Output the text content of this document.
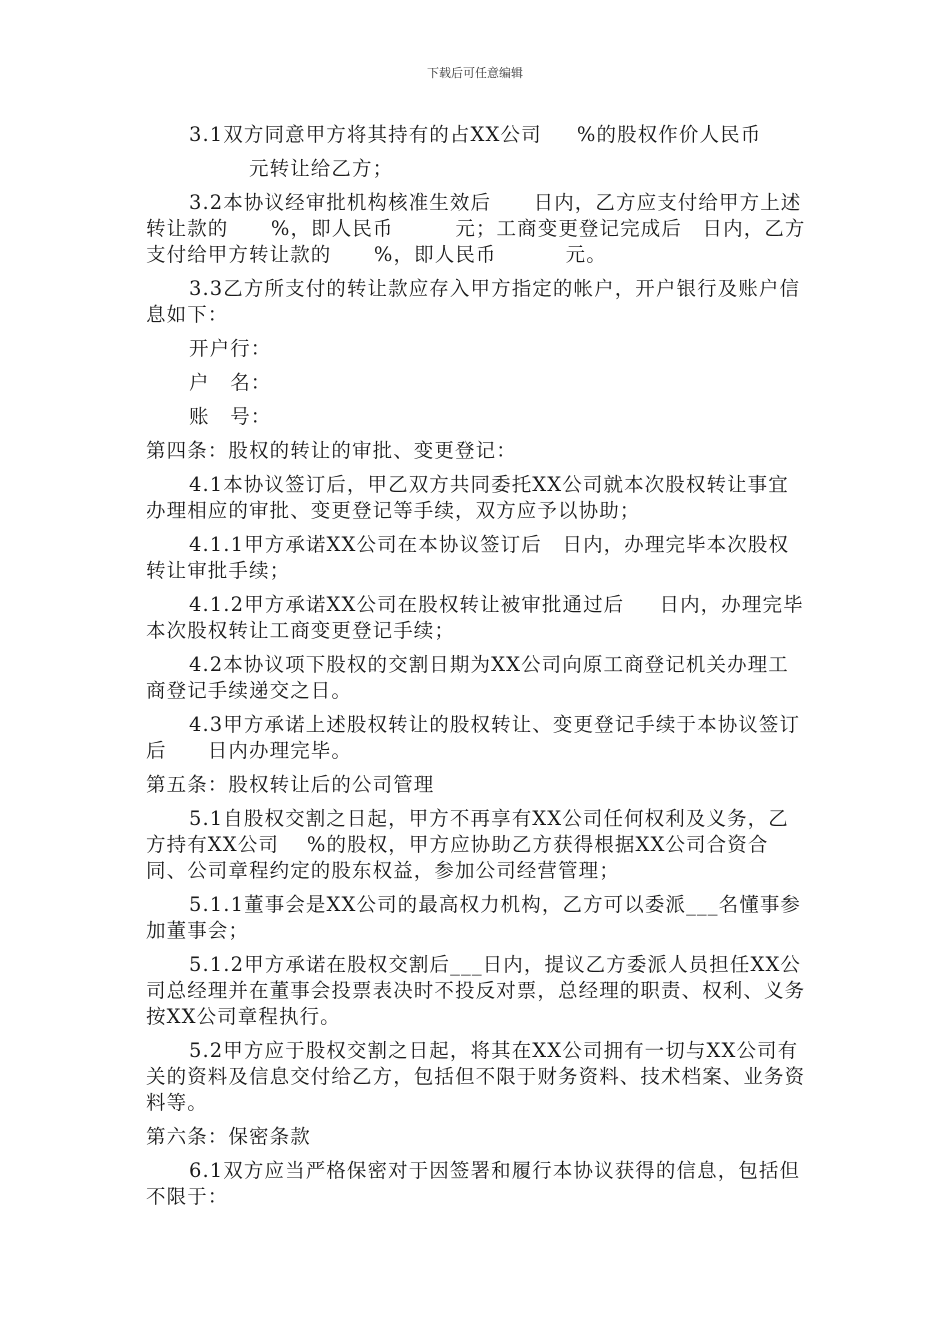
下载后可任意编辑

3.1双方同意甲方将其持有的占XX公司　  %的股权作价人民币

元转让给乙方；

3.2本协议经审批机构核准生效后　   日内，乙方应支付给甲方上述转让款的　   %，即人民币　　　元；工商变更登记完成后　日内，乙方支付给甲方转让款的　   %，即人民币　　　 元。

3.3乙方所支付的转让款应存入甲方指定的帐户，开户银行及账户信息如下：

开户行：

户　名：

账　号：

第四条：股权的转让的审批、变更登记：

4.1本协议签订后，甲乙双方共同委托XX公司就本次股权转让事宜办理相应的审批、变更登记等手续，双方应予以协助；

4.1.1甲方承诺XX公司在本协议签订后　日内，办理完毕本次股权转让审批手续；

4.1.2甲方承诺XX公司在股权转让被审批通过后　  日内，办理完毕本次股权转让工商变更登记手续；

4.2本协议项下股权的交割日期为XX公司向原工商登记机关办理工商登记手续递交之日。

4.3甲方承诺上述股权转让的股权转让、变更登记手续于本协议签订后　　日内办理完毕。

第五条：股权转让后的公司管理

5.1自股权交割之日起，甲方不再享有XX公司任何权利及义务，乙方持有XX公司　 %的股权，甲方应协助乙方获得根据XX公司合资合同、公司章程约定的股东权益，参加公司经营管理；

5.1.1董事会是XX公司的最高权力机构，乙方可以委派___名懂事参加董事会；

5.1.2甲方承诺在股权交割后___日内，提议乙方委派人员担任XX公司总经理并在董事会投票表决时不投反对票，总经理的职责、权利、义务按XX公司章程执行。

5.2甲方应于股权交割之日起，将其在XX公司拥有一切与XX公司有关的资料及信息交付给乙方，包括但不限于财务资料、技术档案、业务资料等。

第六条：保密条款

6.1双方应当严格保密对于因签署和履行本协议获得的信息，包括但不限于：
